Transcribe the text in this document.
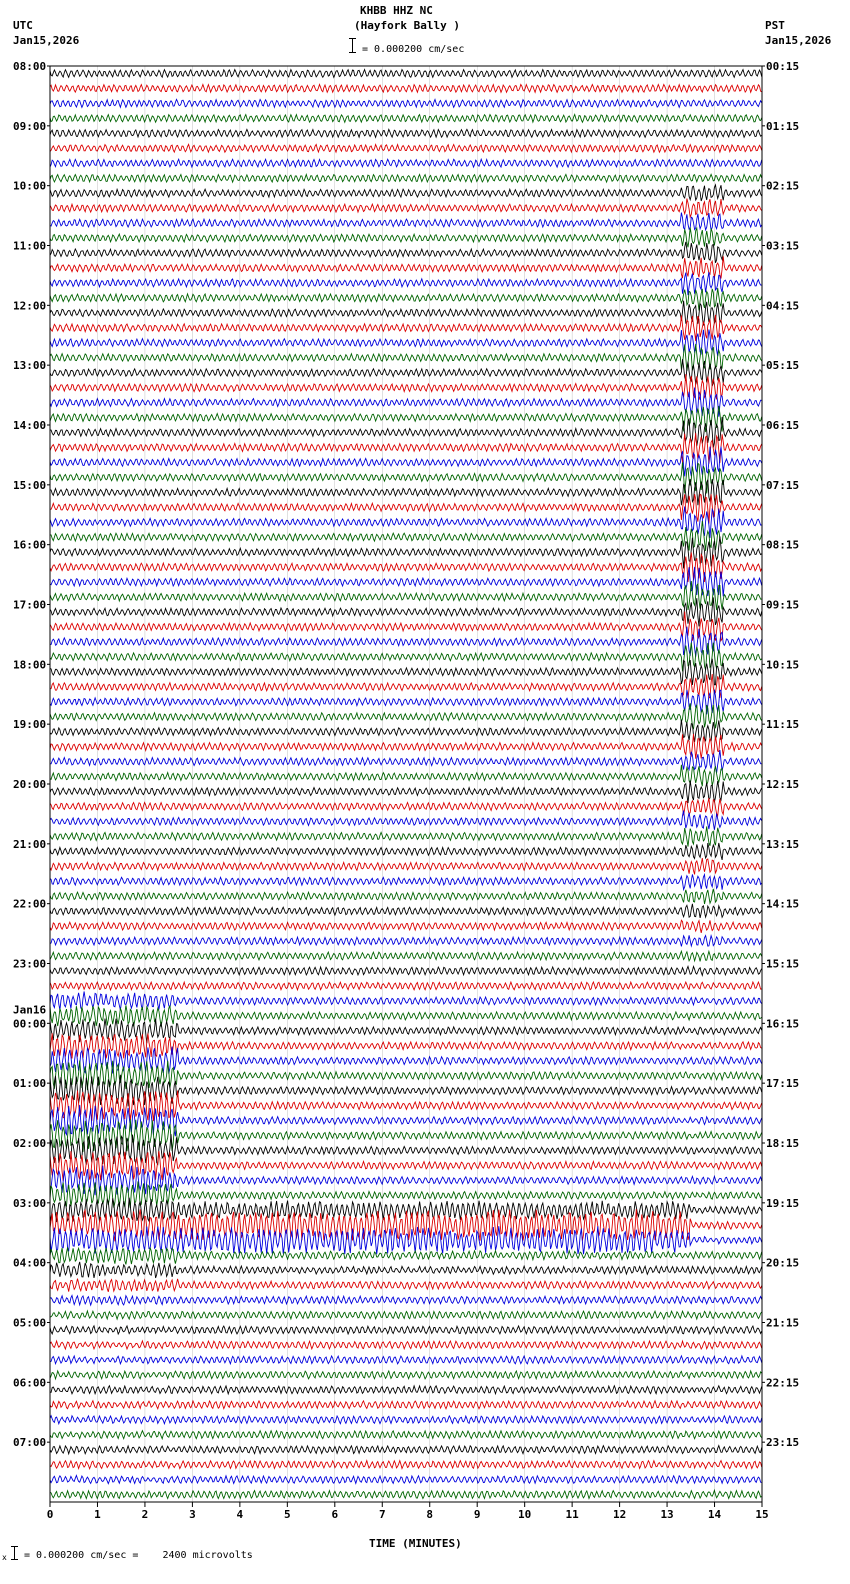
KHBB HHZ NC
(Hayfork Bally )
= 0.000200 cm/sec
UTC
Jan15,2026
PST
Jan15,2026
0	1	2	3	4	5	6	7	8	9	10	11	12	13	14	15
08:00
09:00
10:00
11:00
12:00
13:00
14:00
15:00
16:00
17:00
18:00
19:00
20:00
21:00
22:00
23:00
00:00
Jan16
01:00
02:00
03:00
04:00
05:00
06:00
07:00
00:15
01:15
02:15
03:15
04:15
05:15
06:15
07:15
08:15
09:15
10:15
11:15
12:15
13:15
14:15
15:15
16:15
17:15
18:15
19:15
20:15
21:15
22:15
23:15
TIME (MINUTES)
x = 0.000200 cm/sec =    2400 microvolts
